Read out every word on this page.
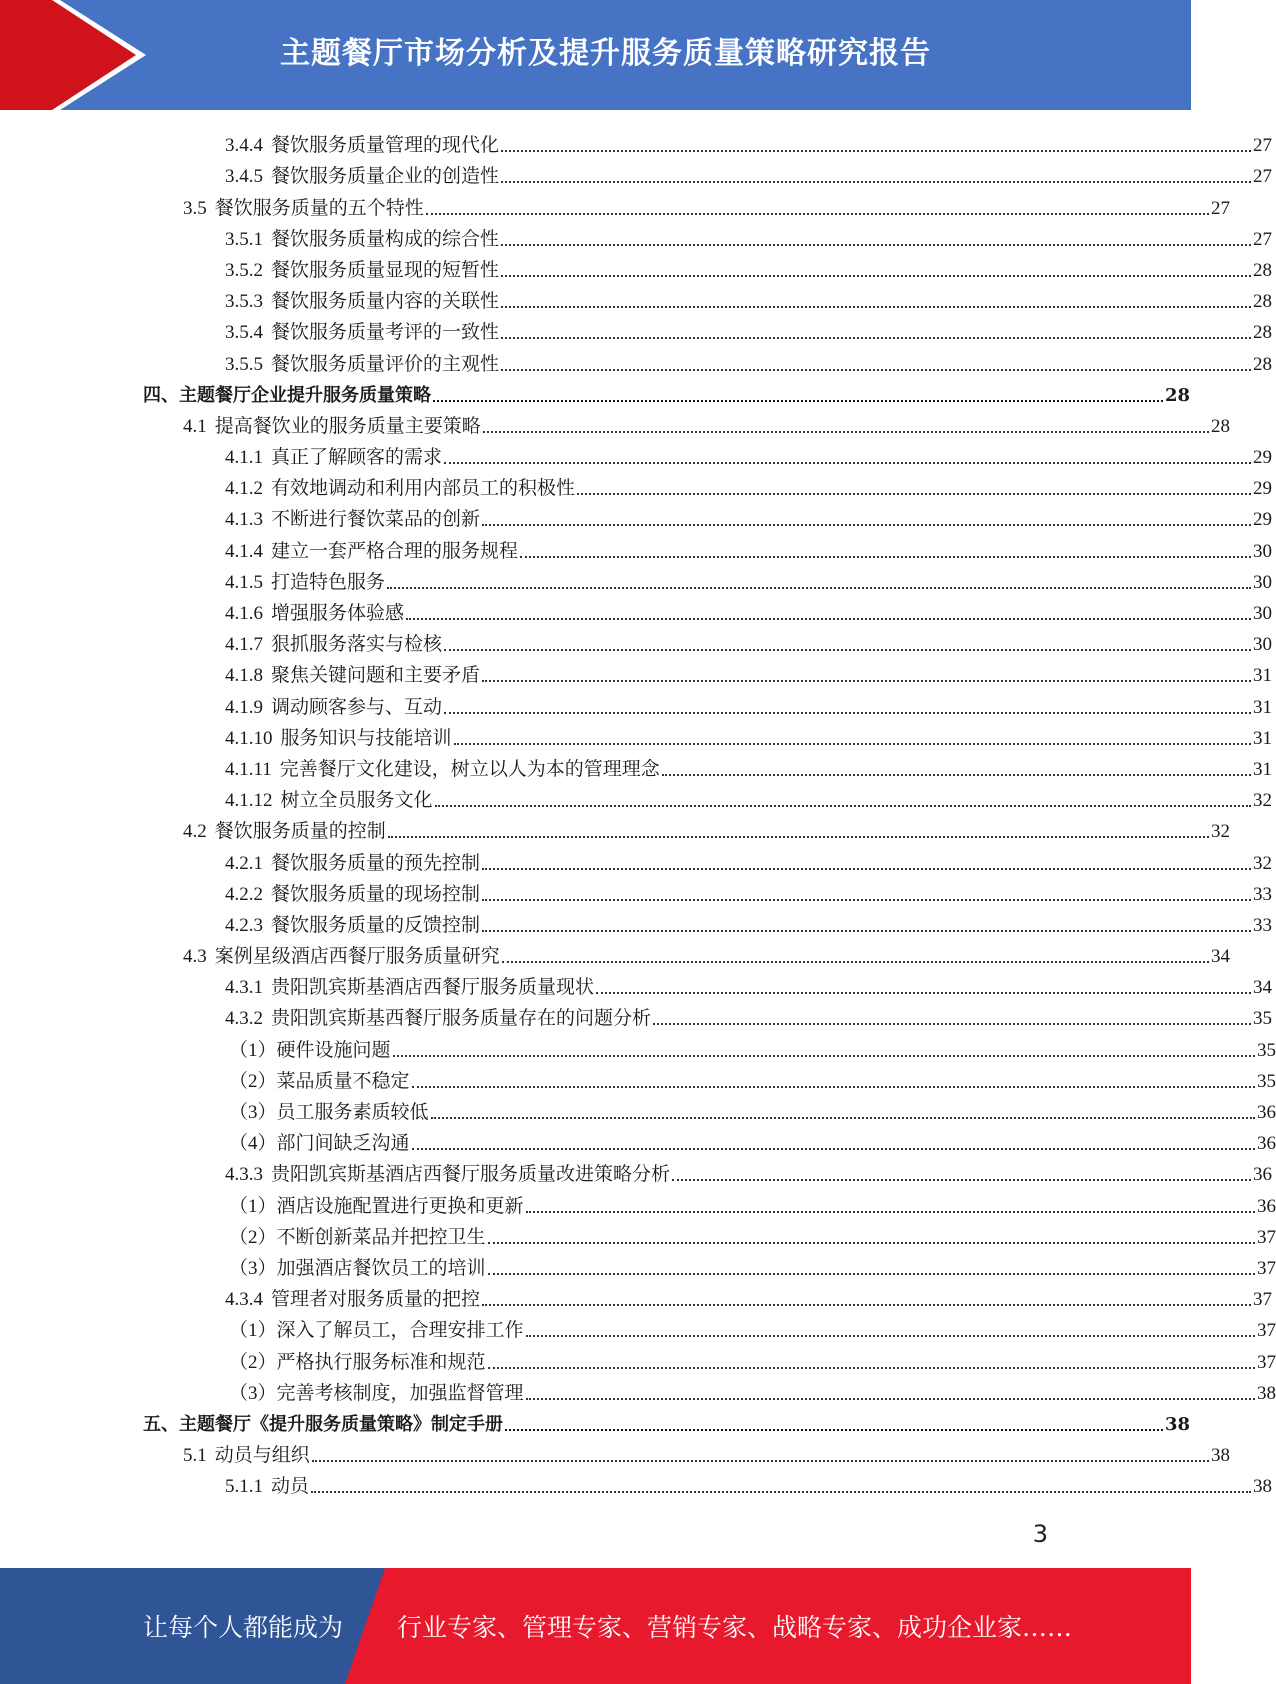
主题餐厅市场分析及提升服务质量策略研究报告
3.4.4 餐饮服务质量管理的现代化	27
3.4.5 餐饮服务质量企业的创造性	27
3.5 餐饮服务质量的五个特性	27
3.5.1 餐饮服务质量构成的综合性	27
3.5.2 餐饮服务质量显现的短暂性	28
3.5.3 餐饮服务质量内容的关联性	28
3.5.4 餐饮服务质量考评的一致性	28
3.5.5 餐饮服务质量评价的主观性	28
四、主题餐厅企业提升服务质量策略	28
4.1 提高餐饮业的服务质量主要策略	28
4.1.1 真正了解顾客的需求	29
4.1.2 有效地调动和利用内部员工的积极性	29
4.1.3 不断进行餐饮菜品的创新	29
4.1.4 建立一套严格合理的服务规程	30
4.1.5 打造特色服务	30
4.1.6 增强服务体验感	30
4.1.7 狠抓服务落实与检核	30
4.1.8 聚焦关键问题和主要矛盾	31
4.1.9 调动顾客参与、互动	31
4.1.10 服务知识与技能培训	31
4.1.11 完善餐厅文化建设，树立以人为本的管理理念	31
4.1.12 树立全员服务文化	32
4.2 餐饮服务质量的控制	32
4.2.1 餐饮服务质量的预先控制	32
4.2.2 餐饮服务质量的现场控制	33
4.2.3 餐饮服务质量的反馈控制	33
4.3 案例星级酒店西餐厅服务质量研究	34
4.3.1 贵阳凯宾斯基酒店西餐厅服务质量现状	34
4.3.2 贵阳凯宾斯基西餐厅服务质量存在的问题分析	35
（1）硬件设施问题	35
（2）菜品质量不稳定	35
（3）员工服务素质较低	36
（4）部门间缺乏沟通	36
4.3.3 贵阳凯宾斯基酒店西餐厅服务质量改进策略分析	36
（1）酒店设施配置进行更换和更新	36
（2）不断创新菜品并把控卫生	37
（3）加强酒店餐饮员工的培训	37
4.3.4 管理者对服务质量的把控	37
（1）深入了解员工，合理安排工作	37
（2）严格执行服务标准和规范	37
（3）完善考核制度，加强监督管理	38
五、主题餐厅《提升服务质量策略》制定手册	38
5.1 动员与组织	38
5.1.1 动员	38
3
让每个人都能成为 行业专家、管理专家、营销专家、战略专家、成功企业家……
